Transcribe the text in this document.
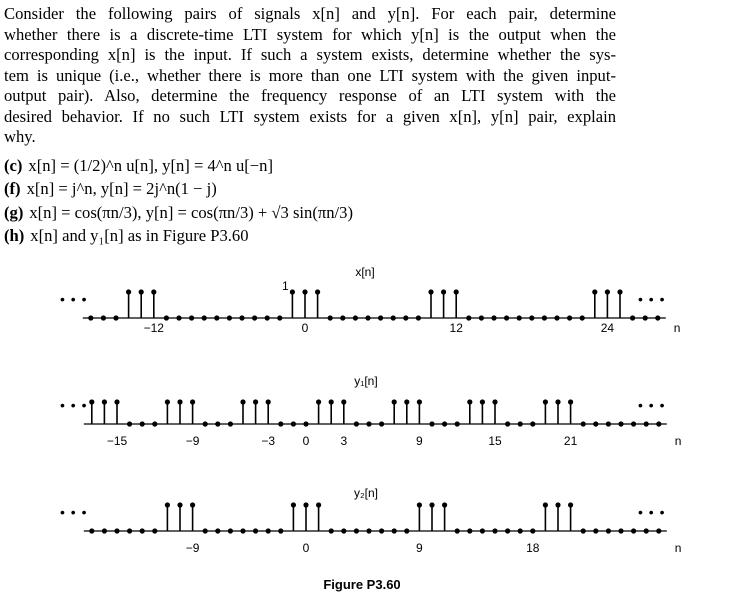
Consider the following pairs of signals x[n] and y[n]. For each pair, determine
whether there is a discrete-time LTI system for which y[n] is the output when the
corresponding x[n] is the input. If such a system exists, determine whether the sys-
tem is unique (i.e., whether there is more than one LTI system with the given input-
output pair). Also, determine the frequency response of an LTI system with the
desired behavior. If no such LTI system exists for a given x[n], y[n] pair, explain
why.
(c) x[n] = (1/2)^n u[n], y[n] = 4^n u[−n]
(f) x[n] = j^n, y[n] = 2j^n(1 − j)
(g) x[n] = cos(πn/3), y[n] = cos(πn/3) + √3 sin(πn/3)
(h) x[n] and y₁[n] as in Figure P3.60
Figure P3.60
x[n]
−12	0	12	24	n
• • •	• • •
1
y₁[n]
−15	−9	−3 0	3	9	15	21	n
• • •	• • •
y₂[n]
−9	0	9	18	n
• • •	• • •
